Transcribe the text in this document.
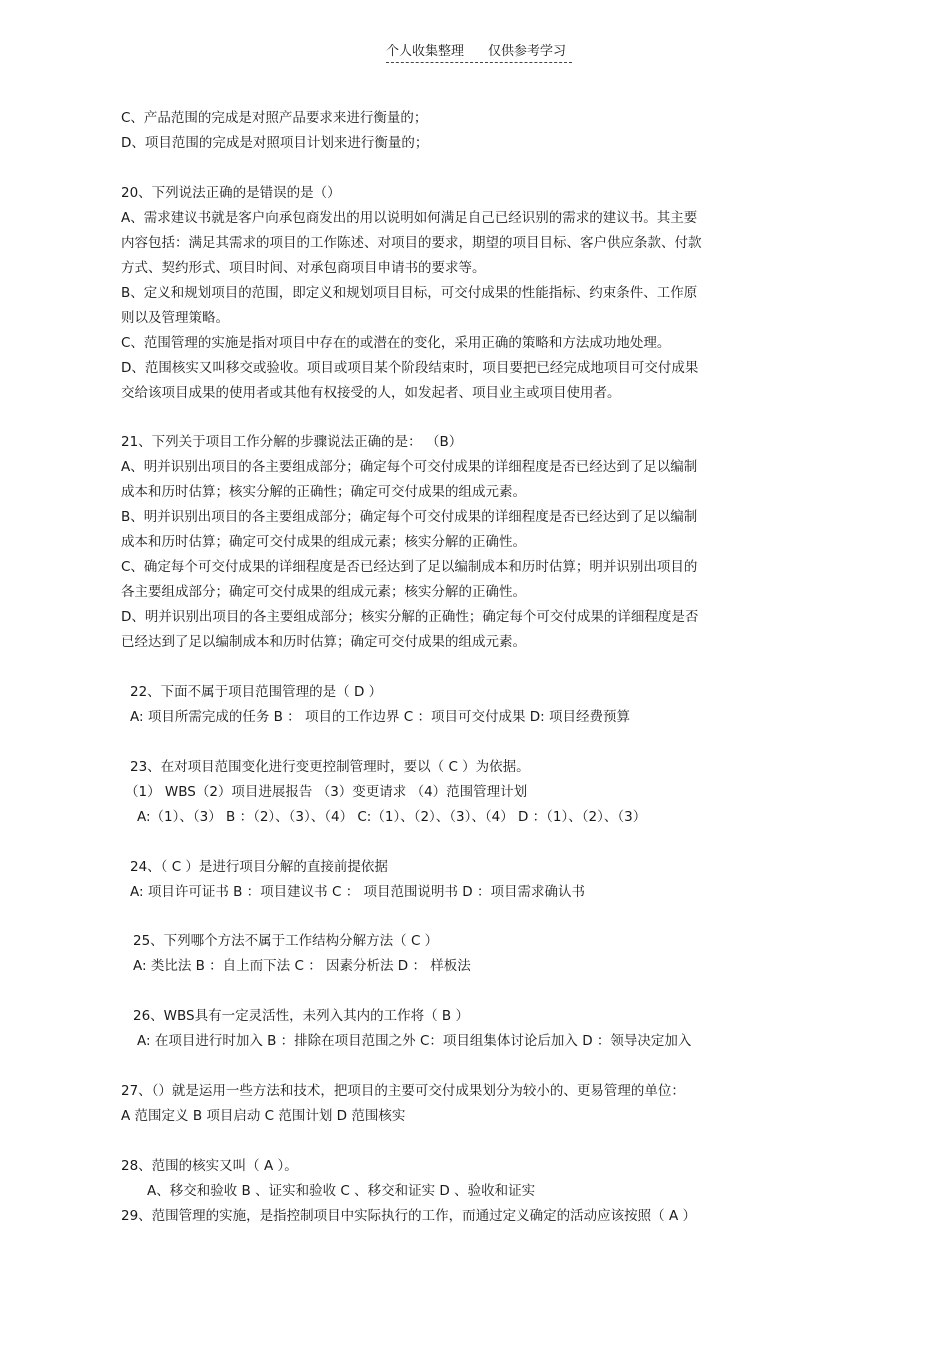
个人收集整理 仅供参考学习
C、产品范围的完成是对照产品要求来进行衡量的；
D、项目范围的完成是对照项目计划来进行衡量的；
20、下列说法正确的是错误的是（）
A、需求建议书就是客户向承包商发出的用以说明如何满足自己已经识别的需求的建议书。其主要
内容包括：满足其需求的项目的工作陈述、对项目的要求，期望的项目目标、客户供应条款、付款
方式、契约形式、项目时间、对承包商项目申请书的要求等。
B、定义和规划项目的范围，即定义和规划项目目标，可交付成果的性能指标、约束条件、工作原
则以及管理策略。
C、范围管理的实施是指对项目中存在的或潜在的变化，采用正确的策略和方法成功地处理。
D、范围核实又叫移交或验收。项目或项目某个阶段结束时，项目要把已经完成地项目可交付成果
交给该项目成果的使用者或其他有权接受的人，如发起者、项目业主或项目使用者。
21、下列关于项目工作分解的步骤说法正确的是： （B）
A、明并识别出项目的各主要组成部分；确定每个可交付成果的详细程度是否已经达到了足以编制
成本和历时估算；核实分解的正确性；确定可交付成果的组成元素。
B、明并识别出项目的各主要组成部分；确定每个可交付成果的详细程度是否已经达到了足以编制
成本和历时估算；确定可交付成果的组成元素；核实分解的正确性。
C、确定每个可交付成果的详细程度是否已经达到了足以编制成本和历时估算；明并识别出项目的
各主要组成部分；确定可交付成果的组成元素；核实分解的正确性。
D、明并识别出项目的各主要组成部分；核实分解的正确性；确定每个可交付成果的详细程度是否
已经达到了足以编制成本和历时估算；确定可交付成果的组成元素。
22、下面不属于项目范围管理的是（ D ）
A: 项目所需完成的任务 B ： 项目的工作边界 C ：项目可交付成果 D: 项目经费预算
23、在对项目范围变化进行变更控制管理时，要以（ C ）为依据。
（1） WBS（2）项目进展报告 （3）变更请求 （4）范围管理计划
A:（1）、（3） B ：（2）、（3）、（4） C:（1）、（2）、（3）、（4） D ：（1）、（2）、（3）
24、（ C ）是进行项目分解的直接前提依据
A: 项目许可证书 B ：项目建议书 C ： 项目范围说明书 D ：项目需求确认书
25、下列哪个方法不属于工作结构分解方法（ C ）
A: 类比法 B ：自上而下法 C ： 因素分析法 D ： 样板法
26、WBS具有一定灵活性，未列入其内的工作将（ B ）
A: 在项目进行时加入 B ：排除在项目范围之外 C：项目组集体讨论后加入 D ：领导决定加入
27、（）就是运用一些方法和技术，把项目的主要可交付成果划分为较小的、更易管理的单位：
A 范围定义 B 项目启动 C 范围计划 D 范围核实
28、范围的核实又叫（ A ）。
A、移交和验收 B 、证实和验收 C 、移交和证实 D 、验收和证实
29、范围管理的实施，是指控制项目中实际执行的工作，而通过定义确定的活动应该按照（ A ）
